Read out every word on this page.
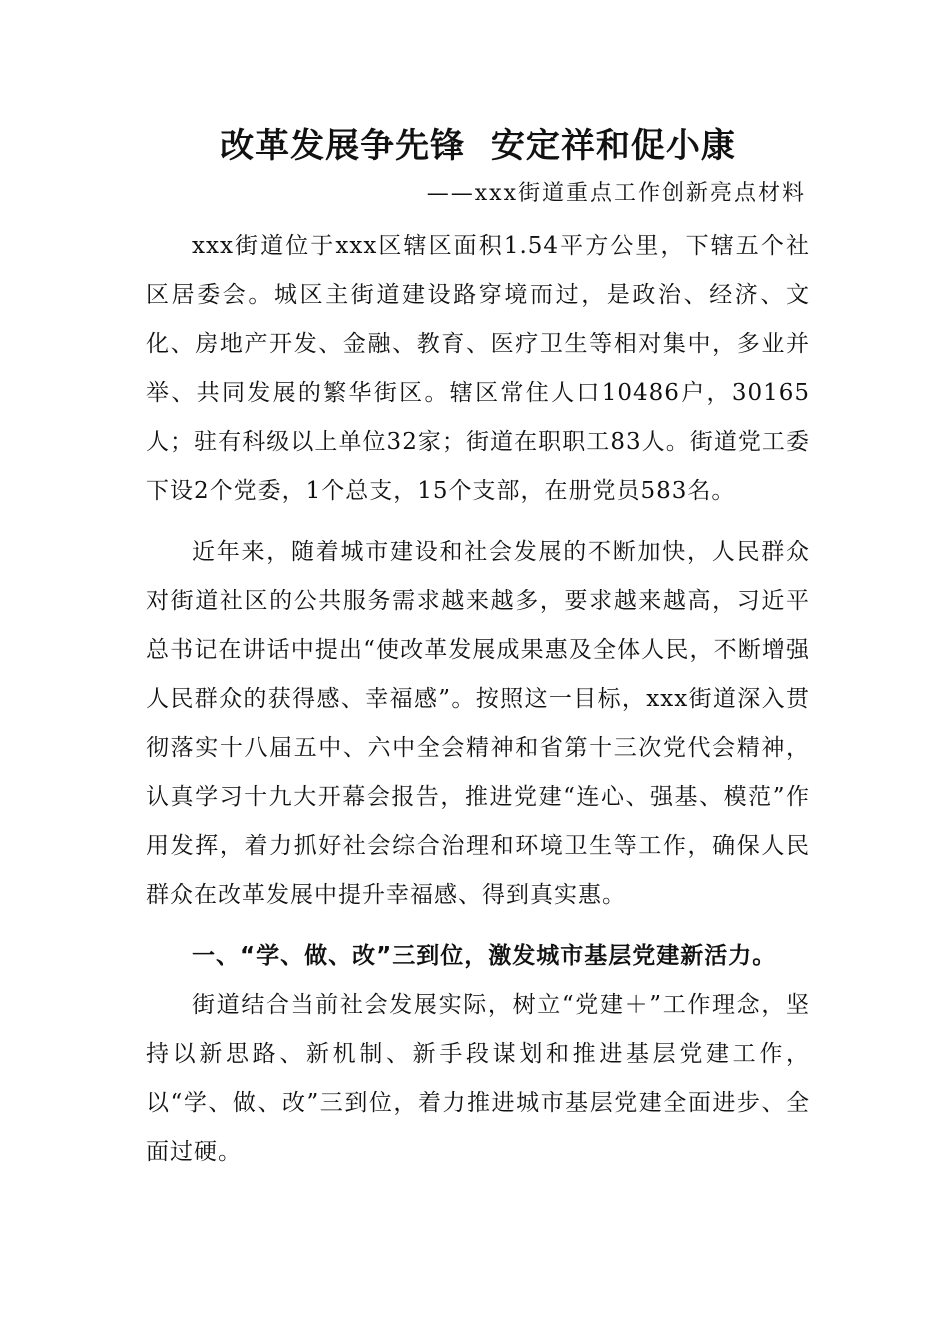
改革发展争先锋  安定祥和促小康

——xxx街道重点工作创新亮点材料

xxx街道位于xxx区辖区面积1.54平方公里，下辖五个社区居委会。城区主街道建设路穿境而过，是政治、经济、文化、房地产开发、金融、教育、医疗卫生等相对集中，多业并举、共同发展的繁华街区。辖区常住人口10486户，30165人；驻有科级以上单位32家；街道在职职工83人。街道党工委下设2个党委，1个总支，15个支部，在册党员583名。

近年来，随着城市建设和社会发展的不断加快，人民群众对街道社区的公共服务需求越来越多，要求越来越高，习近平总书记在讲话中提出“使改革发展成果惠及全体人民，不断增强人民群众的获得感、幸福感”。按照这一目标，xxx街道深入贯彻落实十八届五中、六中全会精神和省第十三次党代会精神，认真学习十九大开幕会报告，推进党建“连心、强基、模范”作用发挥，着力抓好社会综合治理和环境卫生等工作，确保人民群众在改革发展中提升幸福感、得到真实惠。

一、“学、做、改”三到位，激发城市基层党建新活力。

街道结合当前社会发展实际，树立“党建＋”工作理念，坚持以新思路、新机制、新手段谋划和推进基层党建工作，以“学、做、改”三到位，着力推进城市基层党建全面进步、全面过硬。
